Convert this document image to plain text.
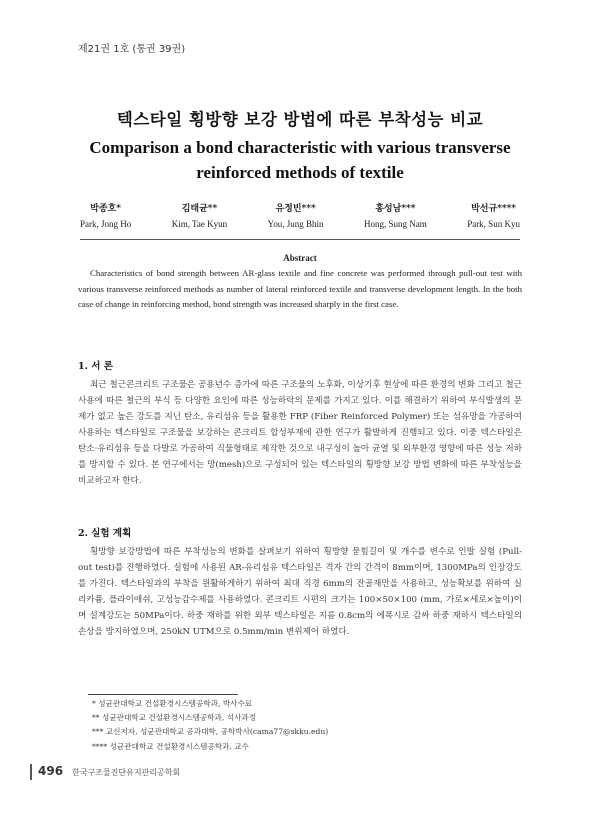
제21권 1호 (통권 39권)
텍스타일 횡방향 보강 방법에 따른 부착성능 비교
Comparison a bond characteristic with various transverse
reinforced methods of textile
박종호*
Park, Jong Ho
김태균**
Kim, Tae Kyun
유정빈***
You, Jung Bhin
홍성남***
Hong, Sung Nam
박선규****
Park, Sun Kyu
Abstract
Characteristics of bond strength between AR-glass textile and fine concrete was performed through pull-out test with various transverse reinforced methods as number of lateral reinforced textile and transverse development length. In the both case of change in reinforcing method, bond strength was increased sharply in the first case.
1. 서 론
최근 철근콘크리트 구조물은 공용년수 증가에 따른 구조물의 노후화, 이상기후 현상에 따른 환경의 변화 그리고 철근 사용에 따른 철근의 부식 등 다양한 요인에 따른 성능하락의 문제를 가지고 있다. 이를 해결하기 위하여 부식발생의 문제가 없고 높은 강도를 지닌 탄소, 유리섬유 등을 활용한 FRP (Fiber Reinforced Polymer) 또는 섬유망을 가공하여 사용하는 텍스타일로 구조물을 보강하는 콘크리트 합성부재에 관한 연구가 활발하게 진행되고 있다. 이중 텍스타일은 탄소·유리섬유 등을 다발로 가공하여 직물형태로 제작한 것으로 내구성이 높아 균열 및 외부환경 영향에 따른 성능 저하를 방지할 수 있다. 본 연구에서는 망(mesh)으로 구성되어 있는 텍스타일의 횡방향 보강 방법 변화에 따른 부착성능을 비교하고자 한다.
2. 실험 계획
횡방향 보강방법에 따른 부착성능의 변화를 살펴보기 위하여 횡방향 묻힘길이 및 개수를 변수로 인발 실험 (Pull-out test)를 진행하였다. 실험에 사용된 AR-유리섬유 텍스타일은 격자 간의 간격이 8mm이며, 1300MPa의 인장강도를 가진다. 텍스타일과의 부착을 원활하게하기 위하여 최대 직경 6mm의 잔골재만을 사용하고, 성능확보를 위하여 실리카퓸, 플라이애쉬, 고성능감수제를 사용하였다. 콘크리트 시편의 크기는 100×50×100 (mm, 가로×세로×높이)이며 설계강도는 50MPa이다. 하중 재하를 위한 외부 텍스타일은 지름 0.8cm의 에폭시로 감싸 하중 재하시 텍스타일의 손상을 방지하였으며, 250kN UTM으로 0.5mm/min 변위제어 하였다.
* 성균관대학교 건설환경시스템공학과, 박사수료
** 성균관대학교 건설환경시스템공학과, 석사과정
*** 교신저자, 성균관대학교 공과대학, 공학박사(cama77@skku.edu)
**** 성균관대학교 건설환경시스템공학과, 교수
496 한국구조물진단유지관리공학회
